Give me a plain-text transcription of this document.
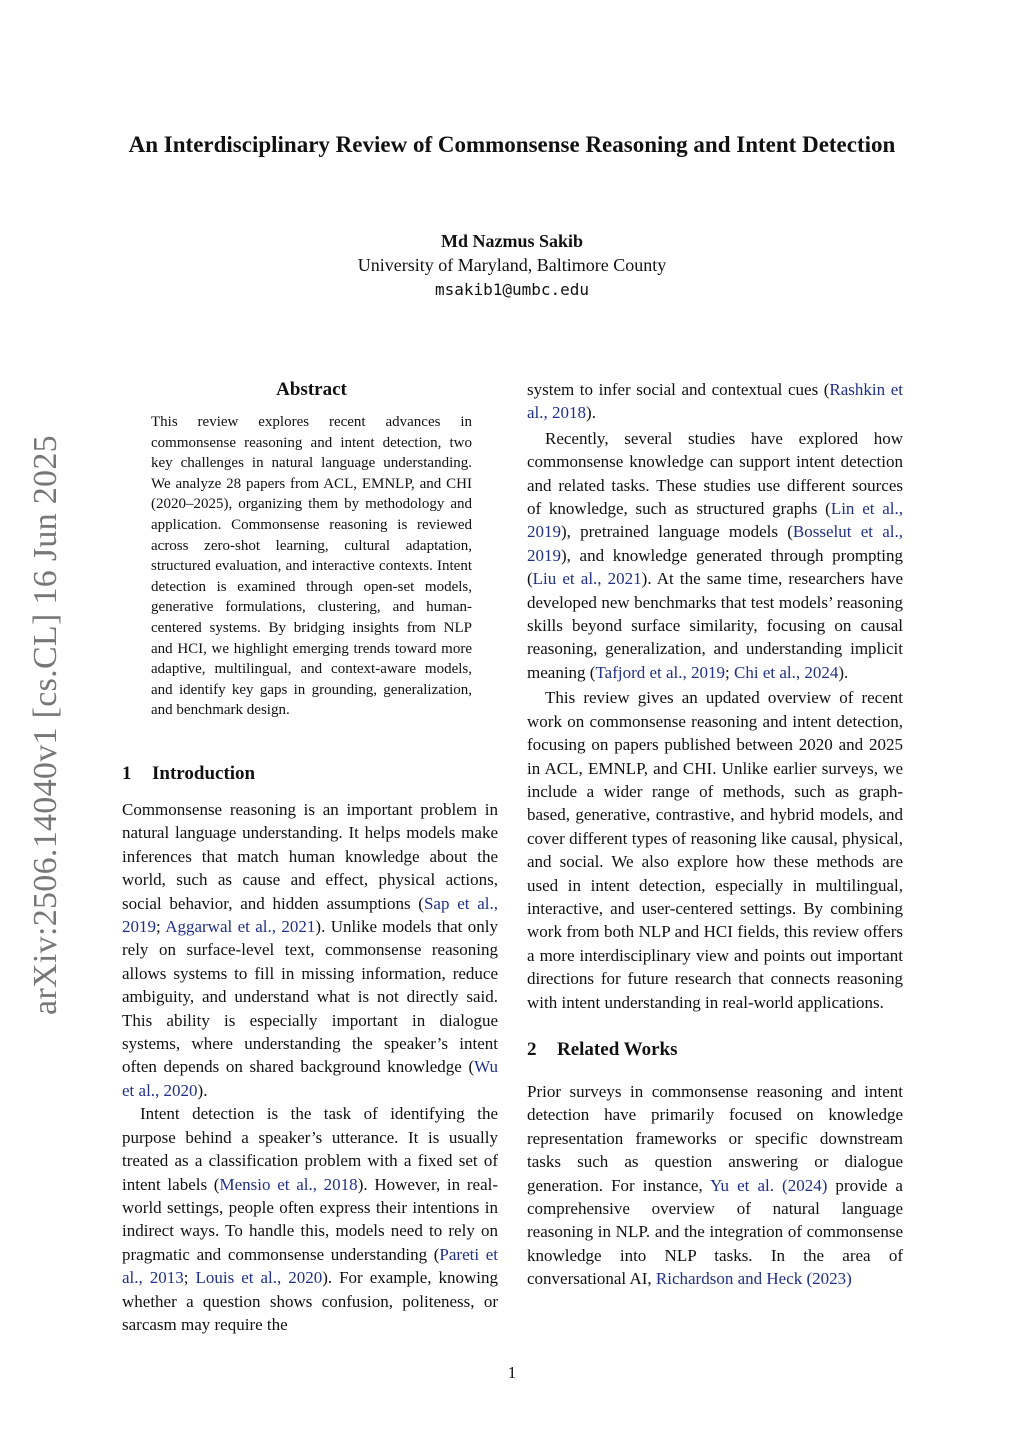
An Interdisciplinary Review of Commonsense Reasoning and Intent Detection
Md Nazmus Sakib
University of Maryland, Baltimore County
msakib1@umbc.edu
arXiv:2506.14040v1 [cs.CL] 16 Jun 2025
Abstract

This review explores recent advances in commonsense reasoning and intent detection, two key challenges in natural language understanding. We analyze 28 papers from ACL, EMNLP, and CHI (2020–2025), organizing them by methodology and application. Commonsense reasoning is reviewed across zero-shot learning, cultural adaptation, structured evaluation, and interactive contexts. Intent detection is examined through open-set models, generative formulations, clustering, and human-centered systems. By bridging insights from NLP and HCI, we highlight emerging trends toward more adaptive, multilingual, and context-aware models, and identify key gaps in grounding, generalization, and benchmark design.

1 Introduction

Commonsense reasoning is an important problem in natural language understanding. It helps models make inferences that match human knowledge about the world, such as cause and effect, physical actions, social behavior, and hidden assumptions (Sap et al., 2019; Aggarwal et al., 2021). Unlike models that only rely on surface-level text, commonsense reasoning allows systems to fill in missing information, reduce ambiguity, and understand what is not directly said. This ability is especially important in dialogue systems, where understanding the speaker’s intent often depends on shared background knowledge (Wu et al., 2020).

Intent detection is the task of identifying the purpose behind a speaker’s utterance. It is usually treated as a classification problem with a fixed set of intent labels (Mensio et al., 2018). However, in real-world settings, people often express their intentions in indirect ways. To handle this, models need to rely on pragmatic and commonsense understanding (Pareti et al., 2013; Louis et al., 2020). For example, knowing whether a question shows confusion, politeness, or sarcasm may require the

system to infer social and contextual cues (Rashkin et al., 2018).

Recently, several studies have explored how commonsense knowledge can support intent detection and related tasks. These studies use different sources of knowledge, such as structured graphs (Lin et al., 2019), pretrained language models (Bosselut et al., 2019), and knowledge generated through prompting (Liu et al., 2021). At the same time, researchers have developed new benchmarks that test models’ reasoning skills beyond surface similarity, focusing on causal reasoning, generalization, and understanding implicit meaning (Tafjord et al., 2019; Chi et al., 2024).

This review gives an updated overview of recent work on commonsense reasoning and intent detection, focusing on papers published between 2020 and 2025 in ACL, EMNLP, and CHI. Unlike earlier surveys, we include a wider range of methods, such as graph-based, generative, contrastive, and hybrid models, and cover different types of reasoning like causal, physical, and social. We also explore how these methods are used in intent detection, especially in multilingual, interactive, and user-centered settings. By combining work from both NLP and HCI fields, this review offers a more interdisciplinary view and points out important directions for future research that connects reasoning with intent understanding in real-world applications.

2 Related Works

Prior surveys in commonsense reasoning and intent detection have primarily focused on knowledge representation frameworks or specific downstream tasks such as question answering or dialogue generation. For instance, Yu et al. (2024) provide a comprehensive overview of natural language reasoning in NLP. and the integration of commonsense knowledge into NLP tasks. In the area of conversational AI, Richardson and Heck (2023)

1
